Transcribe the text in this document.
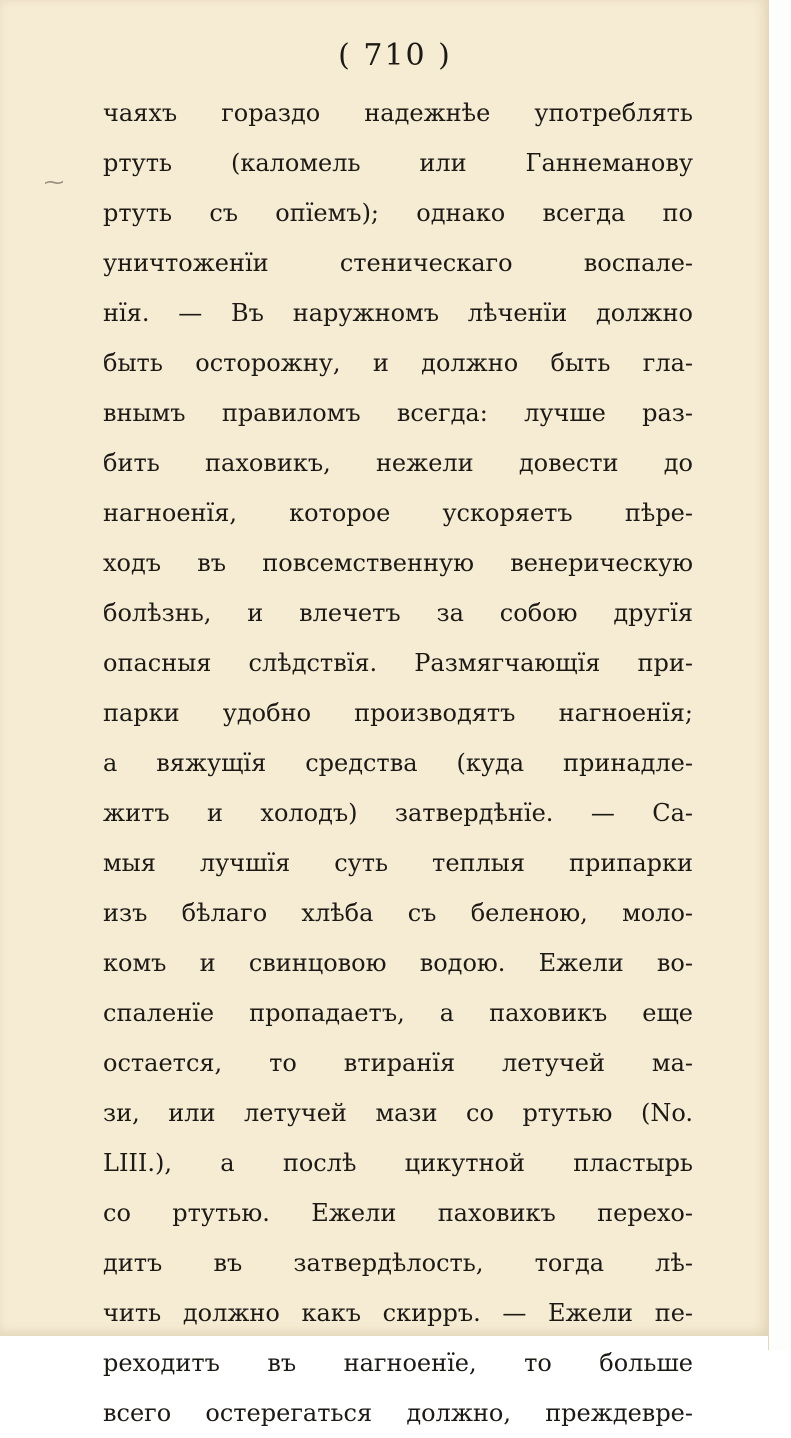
( 710 )
⁓
чаяхъ гораздо надежнѣе употреблять
ртуть (каломель или Ганнеманову
ртуть съ опїемъ); однако всегда по
уничтоженїи стеническаго воспале-
нїя. — Въ наружномъ лѣченїи должно
быть осторожну, и должно быть гла-
внымъ правиломъ всегда: лучше раз-
бить паховикъ, нежели довести до
нагноенїя, которое ускоряетъ пѣре-
ходъ въ повсемственную венерическую
болѣзнь, и влечетъ за собою другїя
опасныя слѣдствїя. Размягчающїя при-
парки удобно производятъ нагноенїя;
а вяжущїя средства (куда принадле-
житъ и холодъ) затвердѣнїе. — Са-
мыя лучшїя суть теплыя припарки
изъ бѣлаго хлѣба съ беленою, моло-
комъ и свинцовою водою. Ежели во-
спаленїе пропадаетъ, а паховикъ еще
остается, то втиранїя летучей ма-
зи, или летучей мази со ртутью (No.
LIII.), а послѣ цикутной пластырь
со ртутью. Ежели паховикъ перехо-
дитъ въ затвердѣлость, тогда лѣ-
чить должно какъ скирръ. — Ежели пе-
реходитъ въ нагноенїе, то больше
всего остерегаться должно, преждевре-
